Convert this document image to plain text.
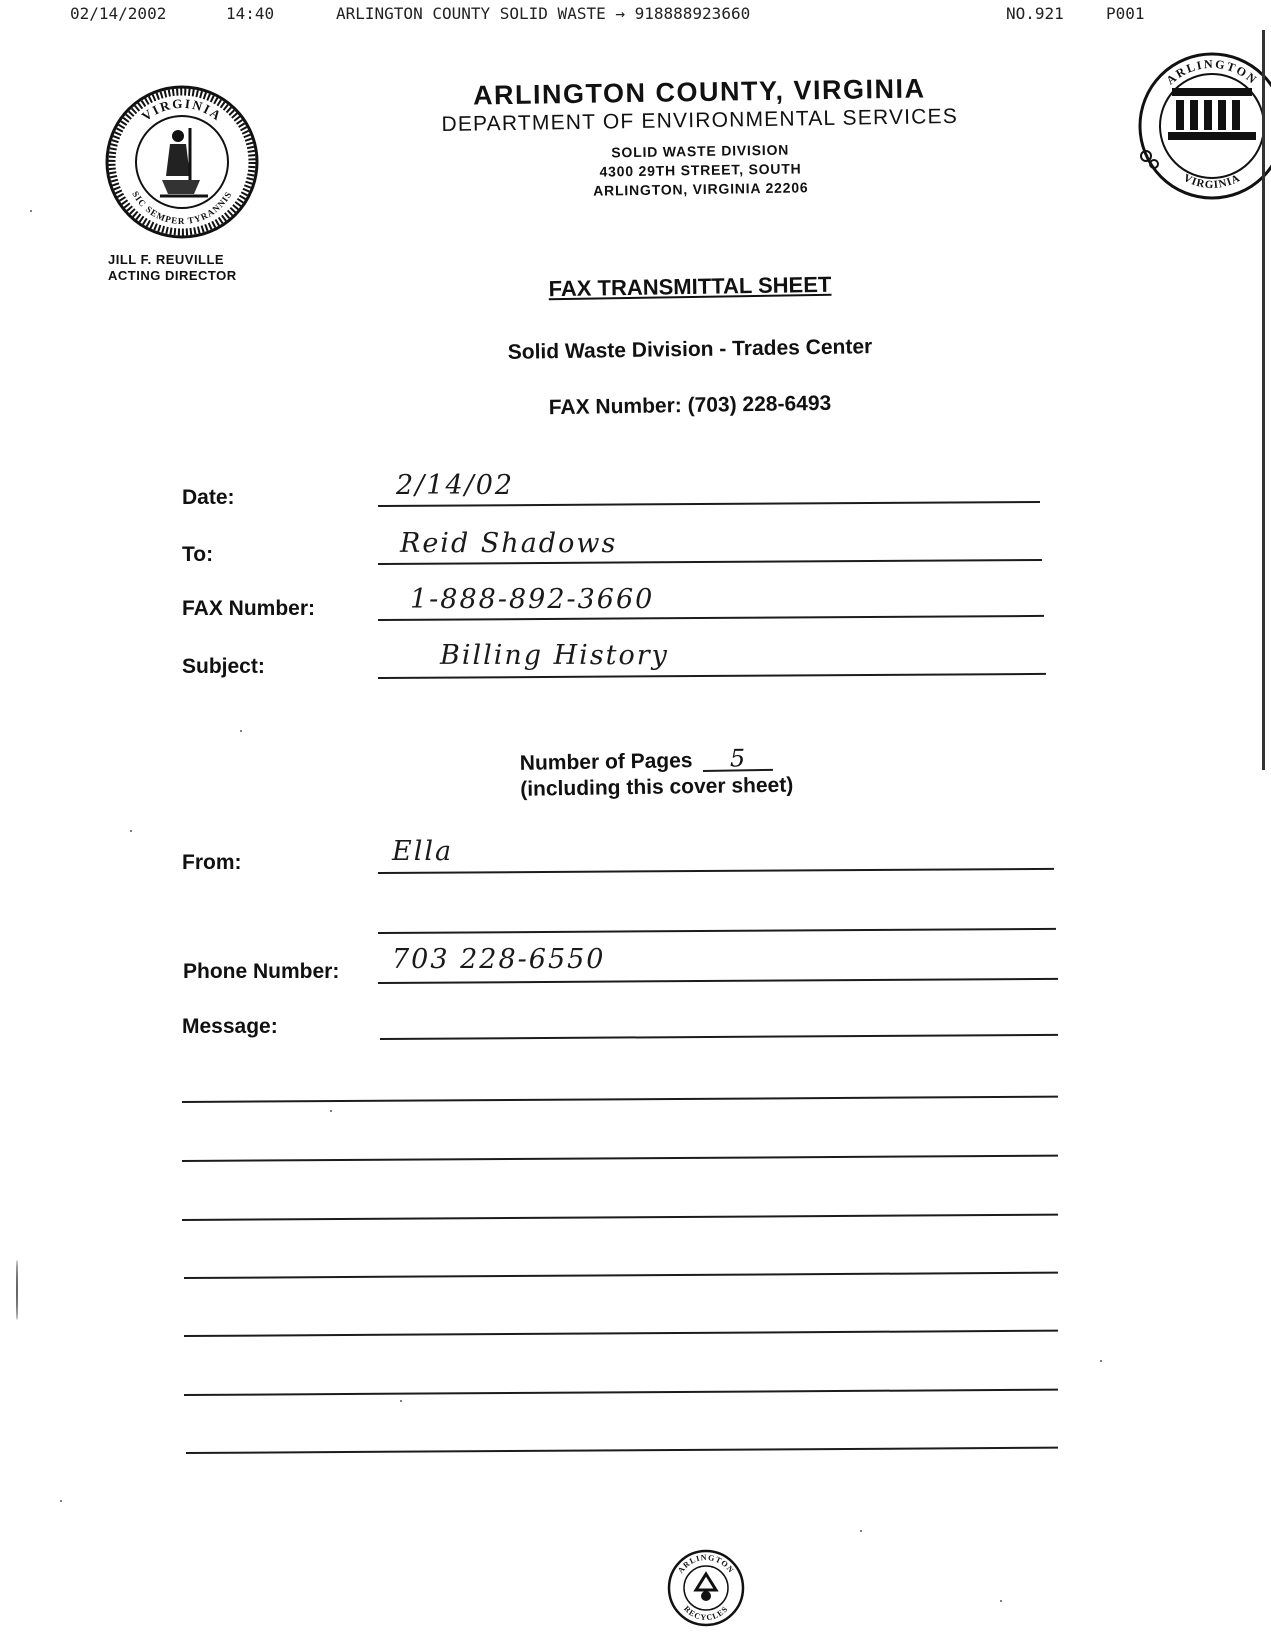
02/14/2002	14:40	ARLINGTON COUNTY SOLID WASTE → 918888923660	NO.921	P001
VIRGINIA
SIC SEMPER TYRANNIS
JILL F. REUVILLE
ACTING DIRECTOR
ARLINGTON COUNTY, VIRGINIA
DEPARTMENT OF ENVIRONMENTAL SERVICES
SOLID WASTE DIVISION
4300 29TH STREET, SOUTH
ARLINGTON, VIRGINIA 22206
ARLINGTON
VIRGINIA
FAX TRANSMITTAL SHEET
Solid Waste Division - Trades Center
FAX Number: (703) 228-6493
Date:	2/14/02
To:	Reid Shadows
FAX Number:	1-888-892-3660
Subject:	Billing History
Number of Pages 5
(including this cover sheet)
From:	Ella
Phone Number: 703 228-6550
Message:
ARLINGTON
RECYCLES
